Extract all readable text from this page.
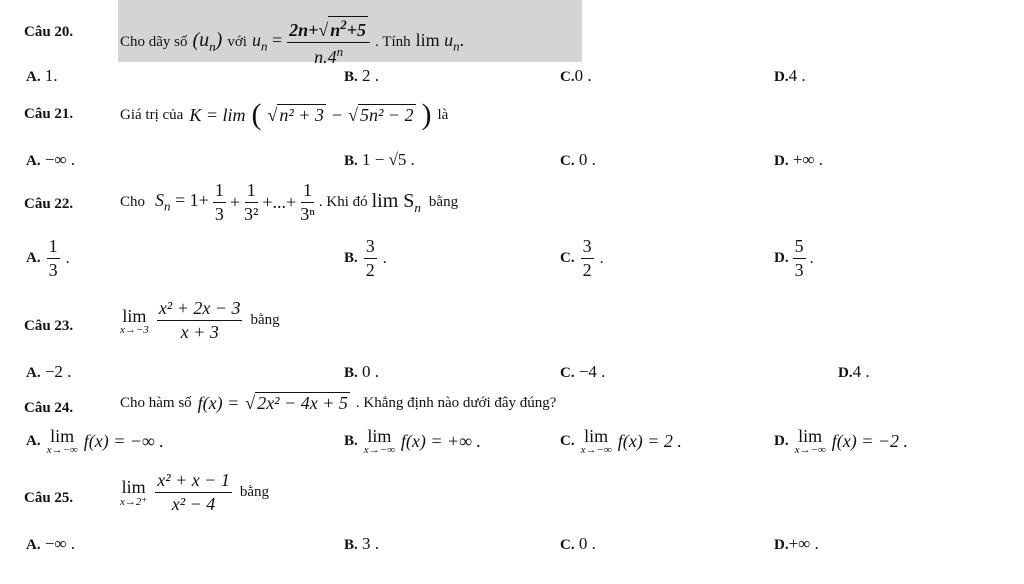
Câu 20.
Cho dãy số $(u_n)$ với $u_n = \frac{2n+√ n^2+5}{n.4^n}$ . Tính $\lim u_n$.
A. 1.	B. 2 .	C.0 .	D.4 .
Câu 21.	Giá trị của K = lim ( √ n² + 3 − √ 5n² − 2 ) là
A. −∞ .	B. 1 − √5 .	C. 0 .	D. +∞ .
Câu 22.	Cho $S_n = 1+ \frac{1}{3} + \frac{1}{\text{3²}}$ +...+ $\frac{1}{\text{3ⁿ}}$ . Khi đó $\lim S_n$ bằng
A. $\frac{1}{3}$ .	B. $\frac{3}{2}$ .	C. $\frac{3}{2}$ .	D. $\frac{5}{3}$ .
Câu 23.
lim
$x\to-3 \frac{\text{x² + 2x − 3}}{x + 3}$ bằng
A. −2 .	B. 0 .	C. −4 .	D.4 .
Câu 24.	Cho hàm số f(x) = √ 2x² − 4x + 5 . Khẳng định nào dưới đây đúng?
A. lim
x→−∞ f(x) = −∞ .	B. lim
x→−∞ f(x) = +∞ .	C. lim
x→−∞ f(x) = 2 .	D. lim
x→−∞ f(x) = −2 .
Câu 25.
lim
$x\to 2^+ \frac{\text{x² + x − 1}}{\text{x² − 4}}$ bằng
A. −∞ .	B. 3 .	C. 0 .	D.+∞ .
